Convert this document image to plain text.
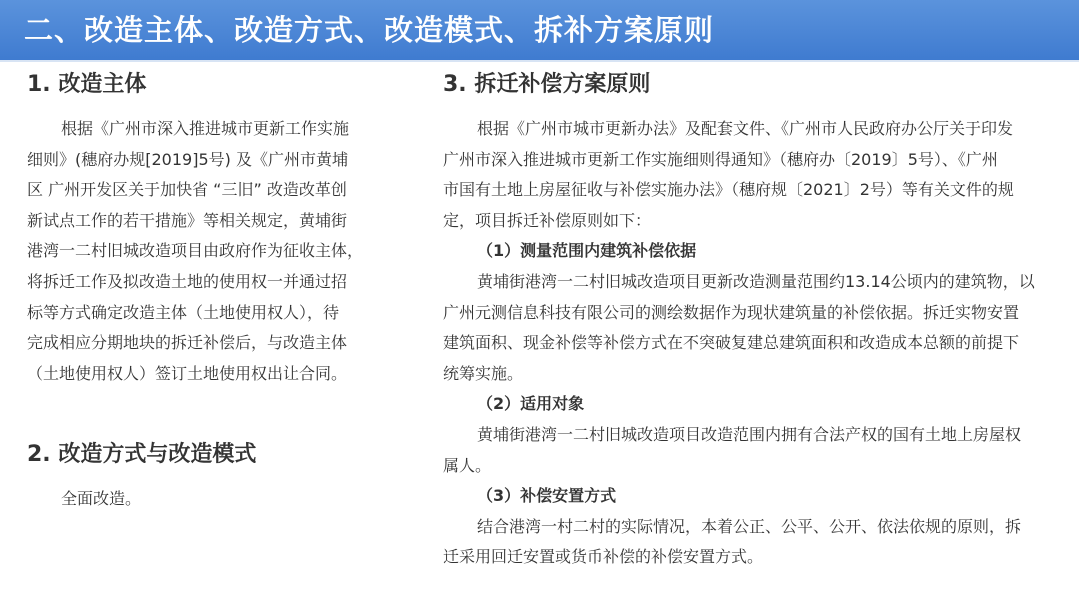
二、改造主体、改造方式、改造模式、拆补方案原则
1. 改造主体
根据《广州市深入推进城市更新工作实施
细则》(穗府办规[2019]5号) 及《广州市黄埔
区 广州开发区关于加快省 “三旧” 改造改革创
新试点工作的若干措施》等相关规定，黄埔街
港湾一二村旧城改造项目由政府作为征收主体，
将拆迁工作及拟改造土地的使用权一并通过招
标等方式确定改造主体（土地使用权人），待
完成相应分期地块的拆迁补偿后，与改造主体
（土地使用权人）签订土地使用权出让合同。
2. 改造方式与改造模式
全面改造。
3. 拆迁补偿方案原则
根据《广州市城市更新办法》及配套文件、《广州市人民政府办公厅关于印发
广州市深入推进城市更新工作实施细则得通知》（穗府办〔2019〕5号）、《广州
市国有土地上房屋征收与补偿实施办法》（穗府规〔2021〕2号）等有关文件的规
定，项目拆迁补偿原则如下：
（1）测量范围内建筑补偿依据
黄埔街港湾一二村旧城改造项目更新改造测量范围约13.14公顷内的建筑物，以
广州元测信息科技有限公司的测绘数据作为现状建筑量的补偿依据。拆迁实物安置
建筑面积、现金补偿等补偿方式在不突破复建总建筑面积和改造成本总额的前提下
统筹实施。
（2）适用对象
黄埔街港湾一二村旧城改造项目改造范围内拥有合法产权的国有土地上房屋权
属人。
（3）补偿安置方式
结合港湾一村二村的实际情况，本着公正、公平、公开、依法依规的原则，拆
迁采用回迁安置或货币补偿的补偿安置方式。
